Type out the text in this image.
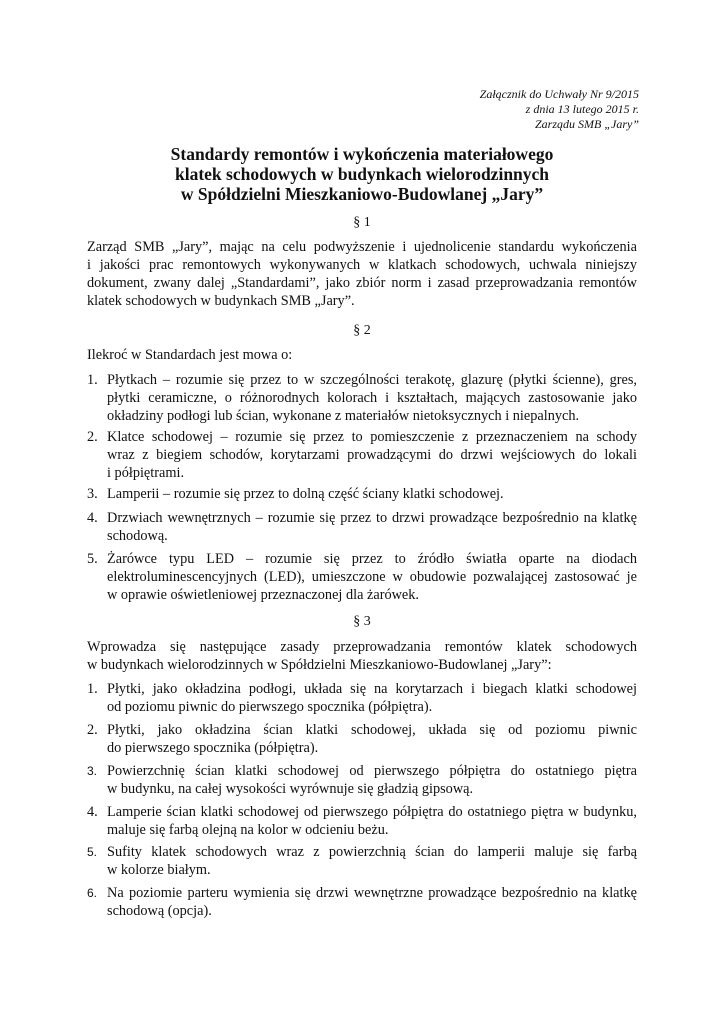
Załącznik do Uchwały Nr 9/2015
z dnia 13 lutego 2015 r.
Zarządu SMB „Jary”
Standardy remontów i wykończenia materiałowego
klatek schodowych w budynkach wielorodzinnych
w Spółdzielni Mieszkaniowo-Budowlanej „Jary”
§ 1
Zarząd SMB „Jary”, mając na celu podwyższenie i ujednolicenie standardu wykończenia
i jakości prac remontowych wykonywanych w klatkach schodowych, uchwala niniejszy
dokument, zwany dalej „Standardami”, jako zbiór norm i zasad przeprowadzania remontów
klatek schodowych w budynkach SMB „Jary”.
§ 2
Ilekroć w Standardach jest mowa o:
1. Płytkach – rozumie się przez to w szczególności terakotę, glazurę (płytki ścienne), gres,
płytki ceramiczne, o różnorodnych kolorach i kształtach, mających zastosowanie jako
okładziny podłogi lub ścian, wykonane z materiałów nietoksycznych i niepalnych.
2. Klatce schodowej – rozumie się przez to pomieszczenie z przeznaczeniem na schody
wraz z biegiem schodów, korytarzami prowadzącymi do drzwi wejściowych do lokali
i półpiętrami.
3. Lamperii – rozumie się przez to dolną część ściany klatki schodowej.
4. Drzwiach wewnętrznych – rozumie się przez to drzwi prowadzące bezpośrednio na klatkę
schodową.
5. Żarówce typu LED – rozumie się przez to źródło światła oparte na diodach
elektroluminescencyjnych (LED), umieszczone w obudowie pozwalającej zastosować je
w oprawie oświetleniowej przeznaczonej dla żarówek.
§ 3
Wprowadza się następujące zasady przeprowadzania remontów klatek schodowych
w budynkach wielorodzinnych w Spółdzielni Mieszkaniowo-Budowlanej „Jary”:
1. Płytki, jako okładzina podłogi, układa się na korytarzach i biegach klatki schodowej
od poziomu piwnic do pierwszego spocznika (półpiętra).
2. Płytki, jako okładzina ścian klatki schodowej, układa się od poziomu piwnic
do pierwszego spocznika (półpiętra).
3. Powierzchnię ścian klatki schodowej od pierwszego półpiętra do ostatniego piętra
w budynku, na całej wysokości wyrównuje się gładzią gipsową.
4. Lamperie ścian klatki schodowej od pierwszego półpiętra do ostatniego piętra w budynku,
maluje się farbą olejną na kolor w odcieniu beżu.
5. Sufity klatek schodowych wraz z powierzchnią ścian do lamperii maluje się farbą
w kolorze białym.
6. Na poziomie parteru wymienia się drzwi wewnętrzne prowadzące bezpośrednio na klatkę
schodową (opcja).
